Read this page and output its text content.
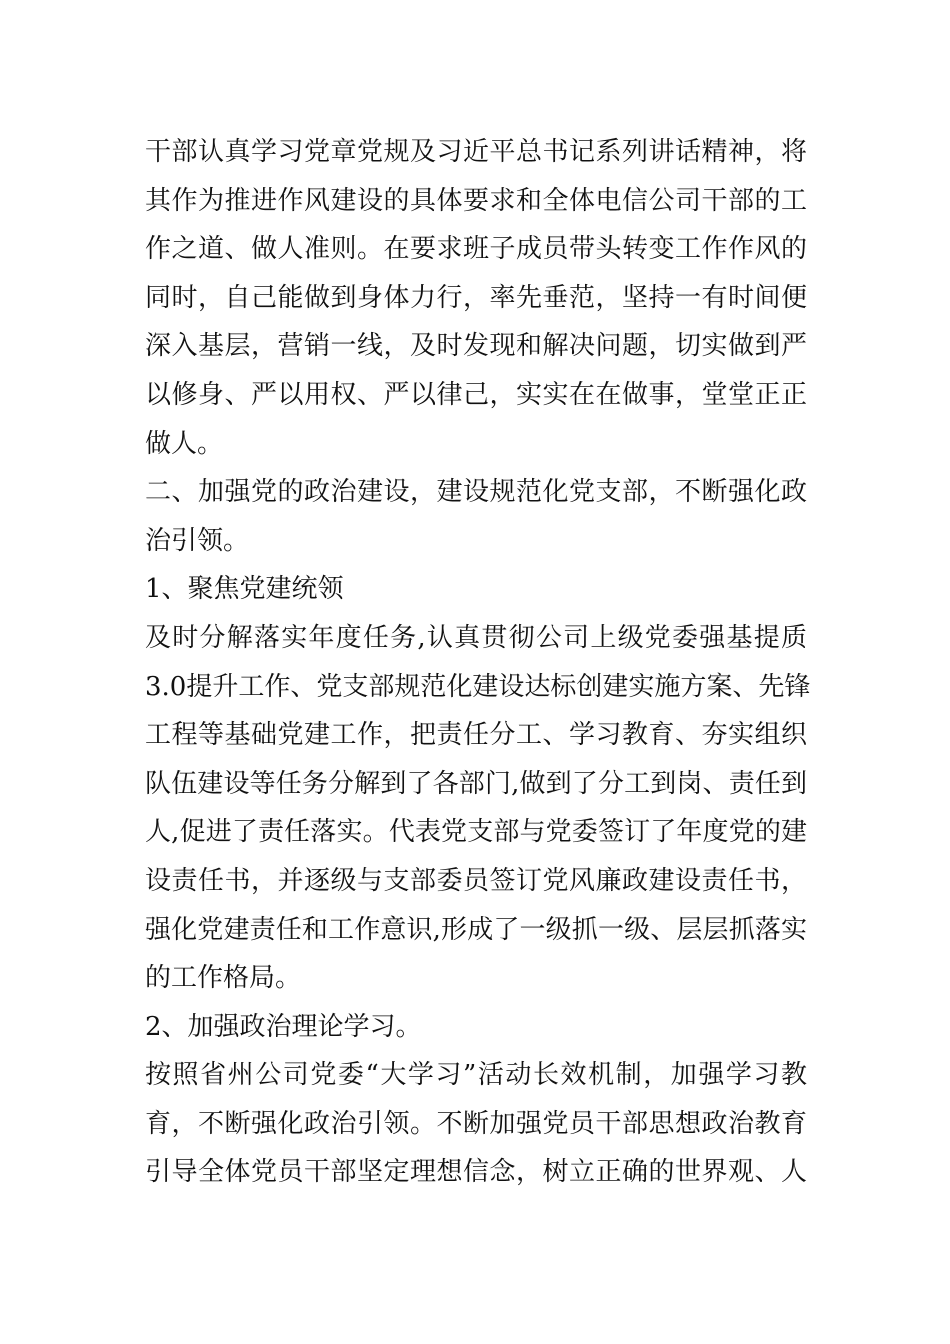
干部认真学习党章党规及习近平总书记系列讲话精神，将
其作为推进作风建设的具体要求和全体电信公司干部的工
作之道、做人准则。在要求班子成员带头转变工作作风的
同时，自己能做到身体力行，率先垂范，坚持一有时间便
深入基层，营销一线，及时发现和解决问题，切实做到严
以修身、严以用权、严以律己，实实在在做事，堂堂正正
做人。
二、加强党的政治建设，建设规范化党支部，不断强化政
治引领。
1、聚焦党建统领
及时分解落实年度任务,认真贯彻公司上级党委强基提质
3.0提升工作、党支部规范化建设达标创建实施方案、先锋
工程等基础党建工作，把责任分工、学习教育、夯实组织
队伍建设等任务分解到了各部门,做到了分工到岗、责任到
人,促进了责任落实。代表党支部与党委签订了年度党的建
设责任书，并逐级与支部委员签订党风廉政建设责任书，
强化党建责任和工作意识,形成了一级抓一级、层层抓落实
的工作格局。
2、加强政治理论学习。
按照省州公司党委“大学习”活动长效机制，加强学习教
育，不断强化政治引领。不断加强党员干部思想政治教育
引导全体党员干部坚定理想信念，树立正确的世界观、人
